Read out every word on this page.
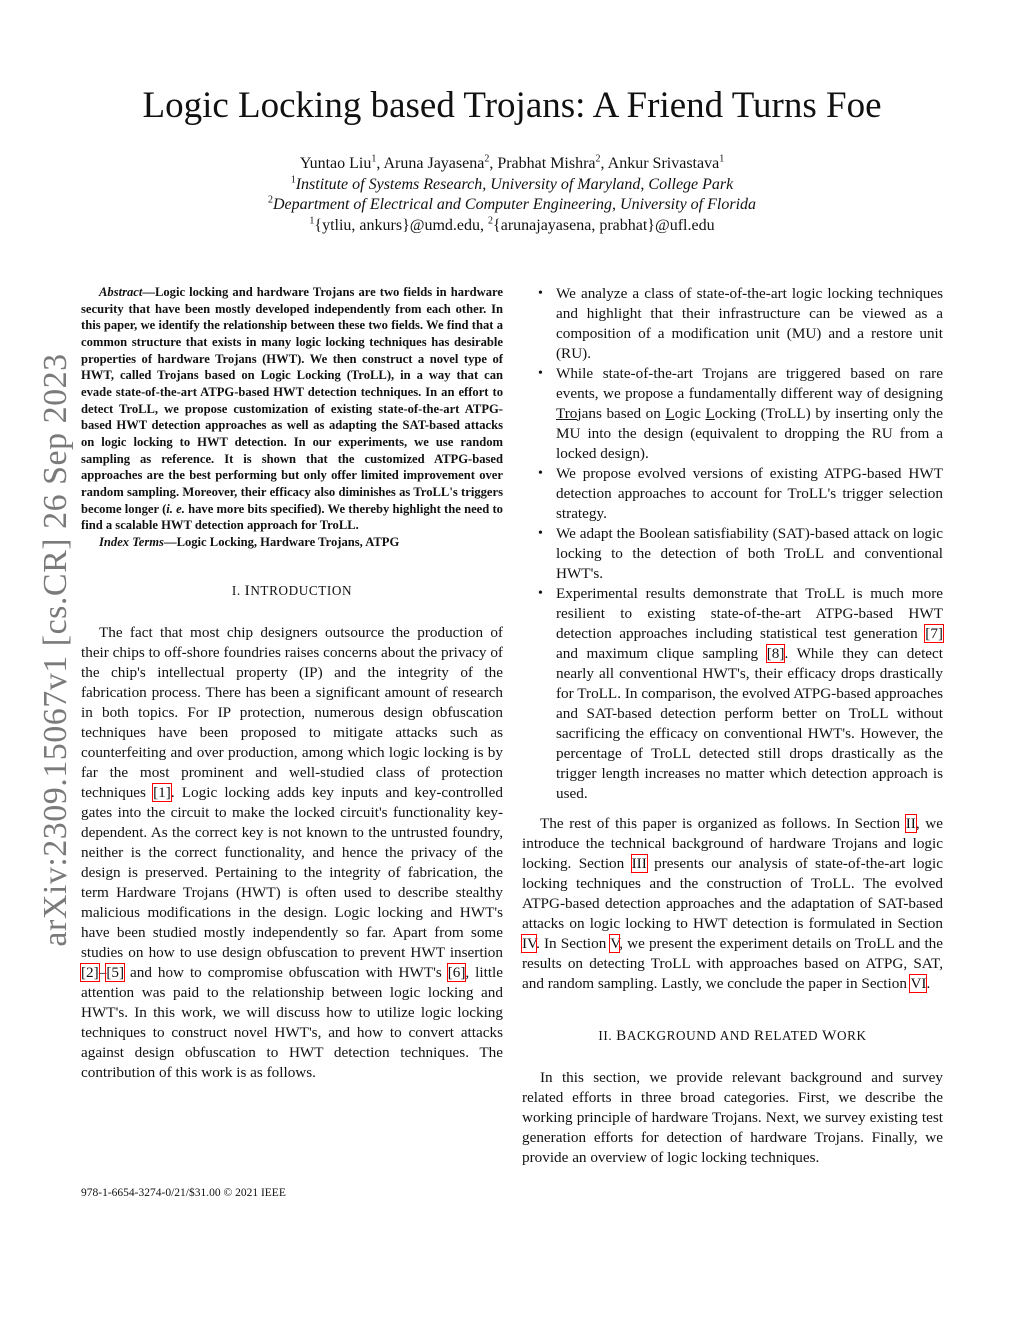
arXiv:2309.15067v1 [cs.CR] 26 Sep 2023
Logic Locking based Trojans: A Friend Turns Foe
Yuntao Liu$^1$, Aruna Jayasena$^2$, Prabhat Mishra$^2$, Ankur Srivastava$^1$
$^1$Institute of Systems Research, University of Maryland, College Park
$^2$Department of Electrical and Computer Engineering, University of Florida
$^1${ytliu, ankurs}@umd.edu, $^2${arunajayasena, prabhat}@ufl.edu

Abstract—Logic locking and hardware Trojans are two fields in hardware security that have been mostly developed independently from each other. In this paper, we identify the relationship between these two fields. We find that a common structure that exists in many logic locking techniques has desirable properties of hardware Trojans (HWT). We then construct a novel type of HWT, called Trojans based on Logic Locking (TroLL), in a way that can evade state-of-the-art ATPG-based HWT detection techniques. In an effort to detect TroLL, we propose customization of existing state-of-the-art ATPG-based HWT detection approaches as well as adapting the SAT-based attacks on logic locking to HWT detection. In our experiments, we use random sampling as reference. It is shown that the customized ATPG-based approaches are the best performing but only offer limited improvement over random sampling. Moreover, their efficacy also diminishes as TroLL's triggers become longer (i. e. have more bits specified). We thereby highlight the need to find a scalable HWT detection approach for TroLL.

Index Terms—Logic Locking, Hardware Trojans, ATPG

I. INTRODUCTION

The fact that most chip designers outsource the production of their chips to off-shore foundries raises concerns about the privacy of the chip's intellectual property (IP) and the integrity of the fabrication process. There has been a significant amount of research in both topics. For IP protection, numerous design obfuscation techniques have been proposed to mitigate attacks such as counterfeiting and over production, among which logic locking is by far the most prominent and well-studied class of protection techniques [1]. Logic locking adds key inputs and key-controlled gates into the circuit to make the locked circuit's functionality key-dependent. As the correct key is not known to the untrusted foundry, neither is the correct functionality, and hence the privacy of the design is preserved. Pertaining to the integrity of fabrication, the term Hardware Trojans (HWT) is often used to describe stealthy malicious modifications in the design. Logic locking and HWT's have been studied mostly independently so far. Apart from some studies on how to use design obfuscation to prevent HWT insertion [2]–[5] and how to compromise obfuscation with HWT's [6], little attention was paid to the relationship between logic locking and HWT's. In this work, we will discuss how to utilize logic locking techniques to construct novel HWT's, and how to convert attacks against design obfuscation to HWT detection techniques. The contribution of this work is as follows.

978-1-6654-3274-0/21/$31.00 © 2021 IEEE
• We analyze a class of state-of-the-art logic locking techniques and highlight that their infrastructure can be viewed as a composition of a modification unit (MU) and a restore unit (RU).
• While state-of-the-art Trojans are triggered based on rare events, we propose a fundamentally different way of designing Trojans based on Logic Locking (TroLL) by inserting only the MU into the design (equivalent to dropping the RU from a locked design).
• We propose evolved versions of existing ATPG-based HWT detection approaches to account for TroLL's trigger selection strategy.
• We adapt the Boolean satisfiability (SAT)-based attack on logic locking to the detection of both TroLL and conventional HWT's.
• Experimental results demonstrate that TroLL is much more resilient to existing state-of-the-art ATPG-based HWT detection approaches including statistical test generation [7] and maximum clique sampling [8]. While they can detect nearly all conventional HWT's, their efficacy drops drastically for TroLL. In comparison, the evolved ATPG-based approaches and SAT-based detection perform better on TroLL without sacrificing the efficacy on conventional HWT's. However, the percentage of TroLL detected still drops drastically as the trigger length increases no matter which detection approach is used.

The rest of this paper is organized as follows. In Section II, we introduce the technical background of hardware Trojans and logic locking. Section III presents our analysis of state-of-the-art logic locking techniques and the construction of TroLL. The evolved ATPG-based detection approaches and the adaptation of SAT-based attacks on logic locking to HWT detection is formulated in Section IV. In Section V, we present the experiment details on TroLL and the results on detecting TroLL with approaches based on ATPG, SAT, and random sampling. Lastly, we conclude the paper in Section VI.

II. BACKGROUND AND RELATED WORK

In this section, we provide relevant background and survey related efforts in three broad categories. First, we describe the working principle of hardware Trojans. Next, we survey existing test generation efforts for detection of hardware Trojans. Finally, we provide an overview of logic locking techniques.
